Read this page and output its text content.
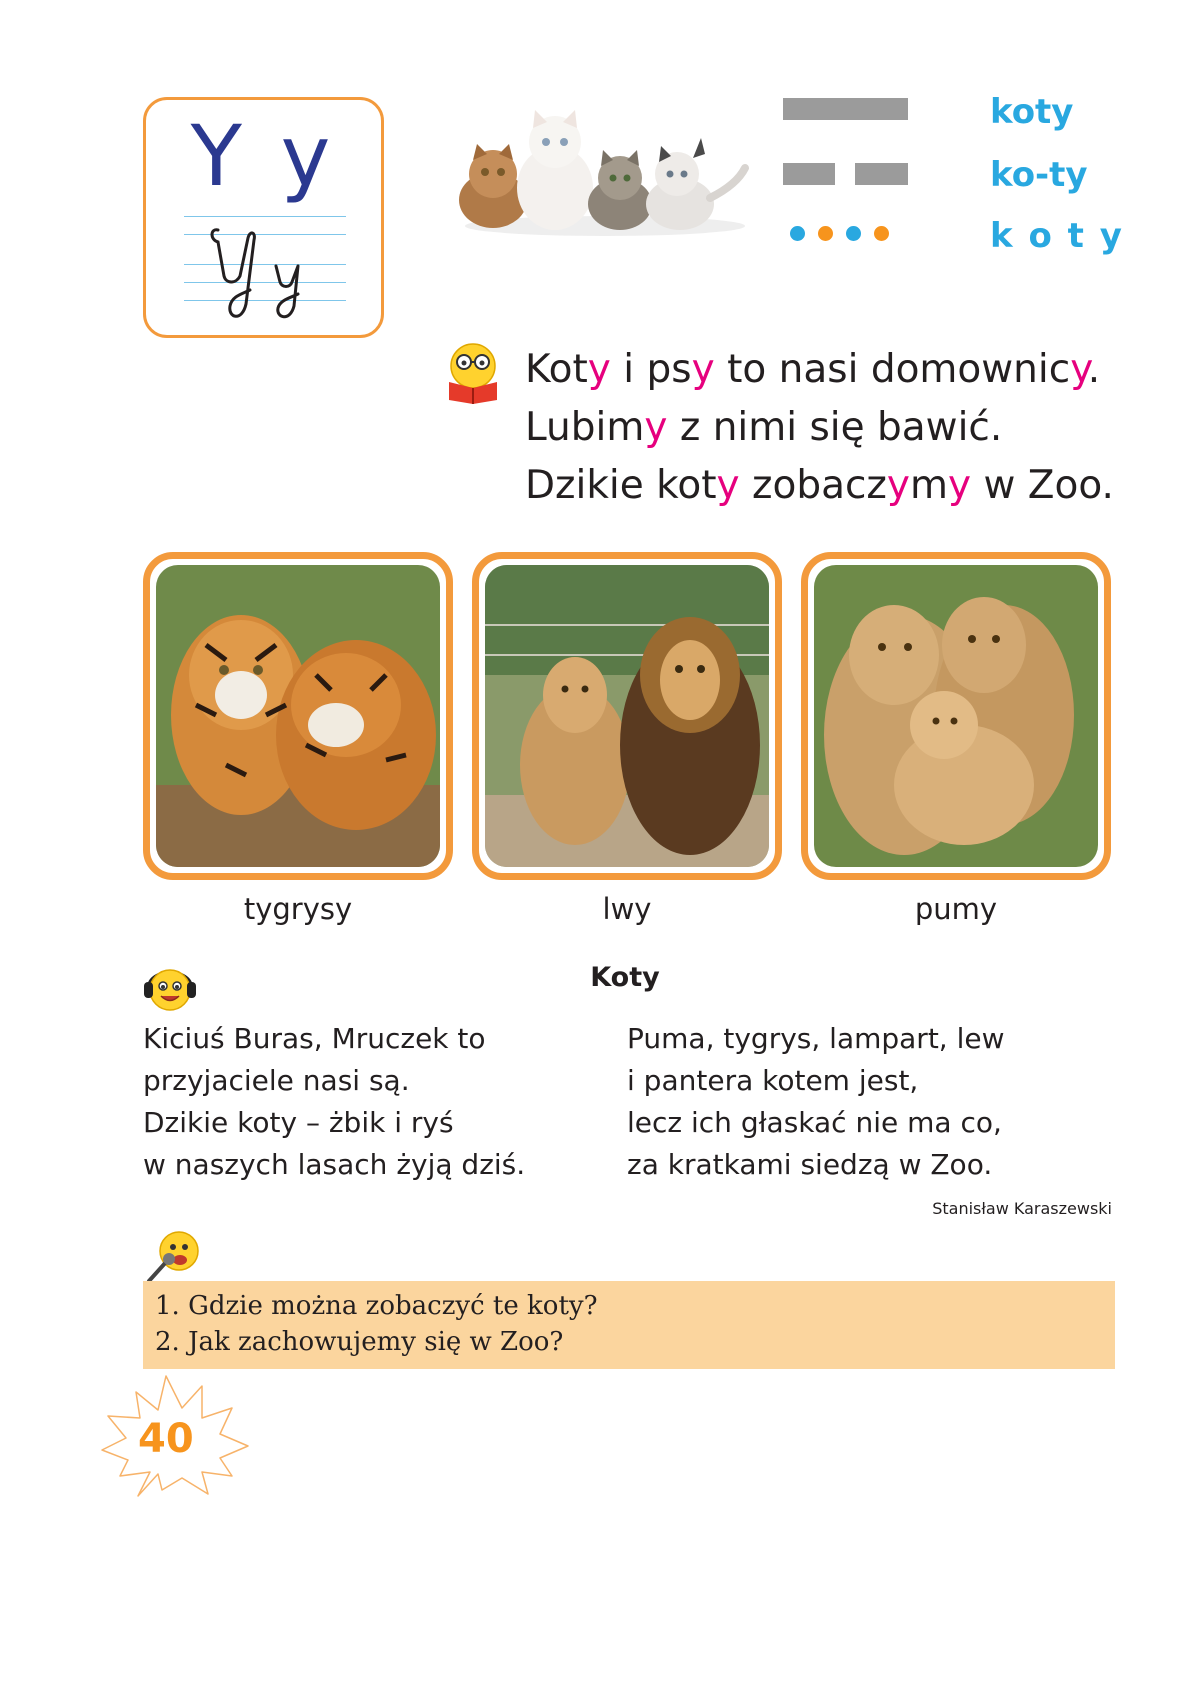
Y y	koty
ko-ty
k o t y
Koty i psy to nasi domownicy.
Lubimy z nimi się bawić.
Dzikie koty zobaczymy w Zoo.
tygrysy	lwy	pumy
Koty
Kiciuś Buras, Mruczek to
przyjaciele nasi są.
Dzikie koty – żbik i ryś
w naszych lasach żyją dziś.
Puma, tygrys, lampart, lew
i pantera kotem jest,
lecz ich głaskać nie ma co,
za kratkami siedzą w Zoo.
Stanisław Karaszewski
1. Gdzie można zobaczyć te koty?
2. Jak zachowujemy się w Zoo?
40
